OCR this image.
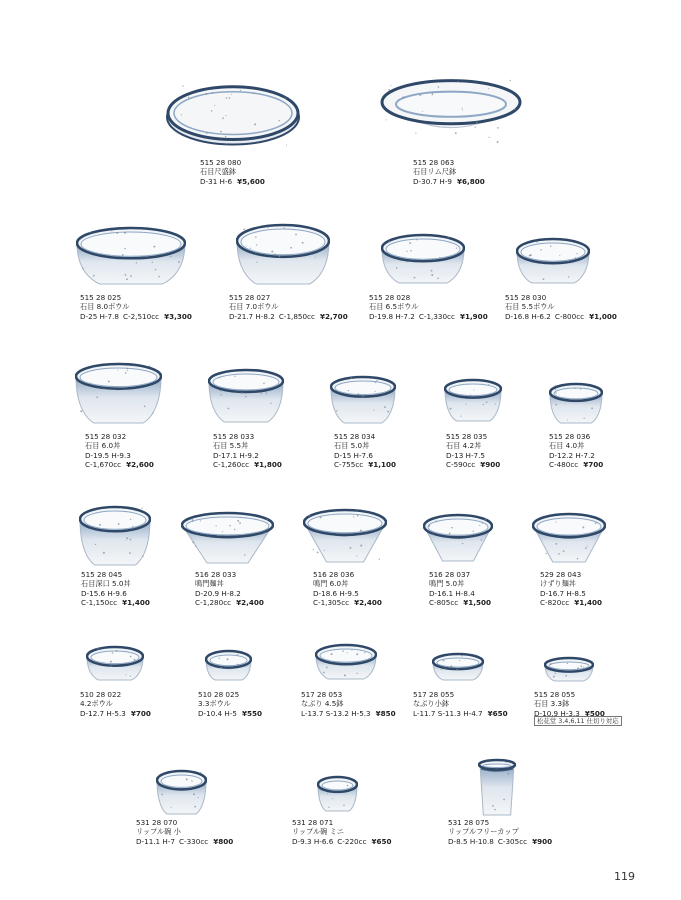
515 28 080
石目尺盛鉢
D-31 H-6 ¥5,600
515 28 063
石目リム尺鉢
D-30.7 H-9 ¥6,800
515 28 025
石目 8.0ボウル
D-25 H-7.8 C-2,510cc ¥3,300
515 28 027
石目 7.0ボウル
D-21.7 H-8.2 C-1,850cc ¥2,700
515 28 028
石目 6.5ボウル
D-19.8 H-7.2 C-1,330cc ¥1,900
515 28 030
石目 5.5ボウル
D-16.8 H-6.2 C-800cc ¥1,000
515 28 032
石目 6.0丼
D-19.5 H-9.3
C-1,670cc ¥2,600
515 28 033
石目 5.5丼
D-17.1 H-9.2
C-1,260cc ¥1,800
515 28 034
石目 5.0丼
D-15 H-7.6
C-755cc ¥1,100
515 28 035
石目 4.2丼
D-13 H-7.5
C-590cc ¥900
515 28 036
石目 4.0丼
D-12.2 H-7.2
C-480cc ¥700
515 28 045
石目深口 5.0丼
D-15.6 H-9.6
C-1,150cc ¥1,400
516 28 033
鳴門麺丼
D-20.9 H-8.2
C-1,280cc ¥2,400
516 28 036
鳴門 6.0丼
D-18.6 H-9.5
C-1,305cc ¥2,400
516 28 037
鳴門 5.0丼
D-16.1 H-8.4
C-805cc ¥1,500
529 28 043
けずり麺丼
D-16.7 H-8.5
C-820cc ¥1,400
510 28 022
4.2ボウル
D-12.7 H-5.3 ¥700
510 28 025
3.3ボウル
D-10.4 H-5 ¥550
517 28 053
なぶり 4.5鉢
L-13.7 S-13.2 H-5.3 ¥850
517 28 055
なぶり小鉢
L-11.7 S-11.3 H-4.7 ¥650
515 28 055
石目 3.3鉢
D-10.9 H-3.3 ¥500
531 28 070
リップル碗 小
D-11.1 H-7 C-330cc ¥800
531 28 071
リップル碗 ミニ
D-9.3 H-6.6 C-220cc ¥650
531 28 075
リップルフリーカップ
D-8.5 H-10.8 C-305cc ¥900
松花堂 3,4,6,11 仕切り対応
119
